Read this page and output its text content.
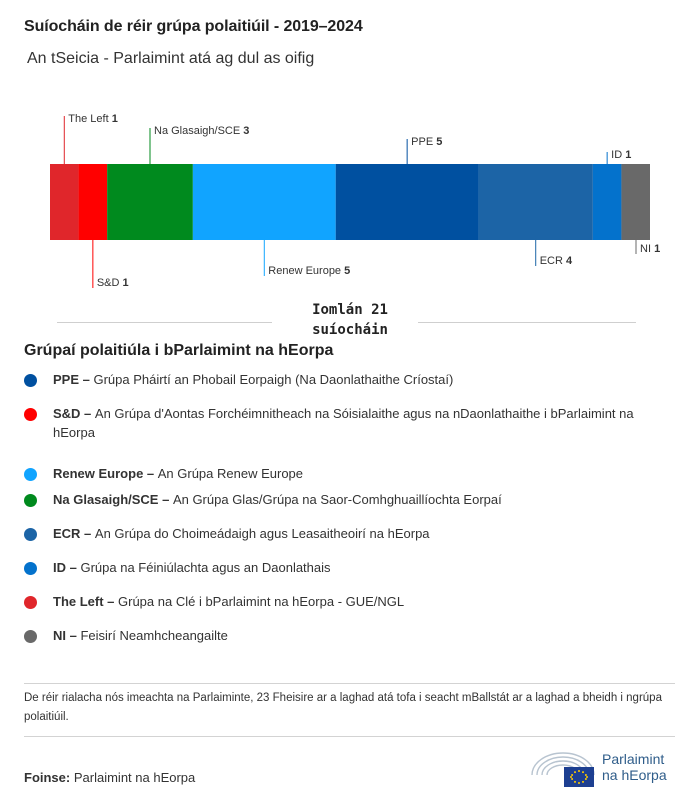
Suíocháin de réir grúpa polaitiúil - 2019–2024
An tSeicia - Parlaimint atá ag dul as oifig
The Left 1
S&D 1
Na Glasaigh/SCE 3
Renew Europe 5
PPE 5
ECR 4
ID 1
NI 1
Iomlán 21
suíocháin
Grúpaí polaitiúla i bParlaimint na hEorpa
PPE – Grúpa Pháirtí an Phobail Eorpaigh (Na Daonlathaithe Críostaí)
S&D – An Grúpa d'Aontas Forchéimnitheach na Sóisialaithe agus na nDaonlathaithe i bParlaimint na hEorpa
Renew Europe – An Grúpa Renew Europe
Na Glasaigh/SCE – An Grúpa Glas/Grúpa na Saor-Comhghuaillíochta Eorpaí
ECR – An Grúpa do Choimeádaigh agus Leasaitheoirí na hEorpa
ID – Grúpa na Féiniúlachta agus an Daonlathais
The Left – Grúpa na Clé i bParlaimint na hEorpa - GUE/NGL
NI – Feisirí Neamhcheangailte
De réir rialacha nós imeachta na Parlaiminte, 23 Fheisire ar a laghad atá tofa i seacht mBallstát ar a laghad a bheidh i ngrúpa polaitiúil.
Foinse: Parlaimint na hEorpa
Parlaimint
na hEorpa
